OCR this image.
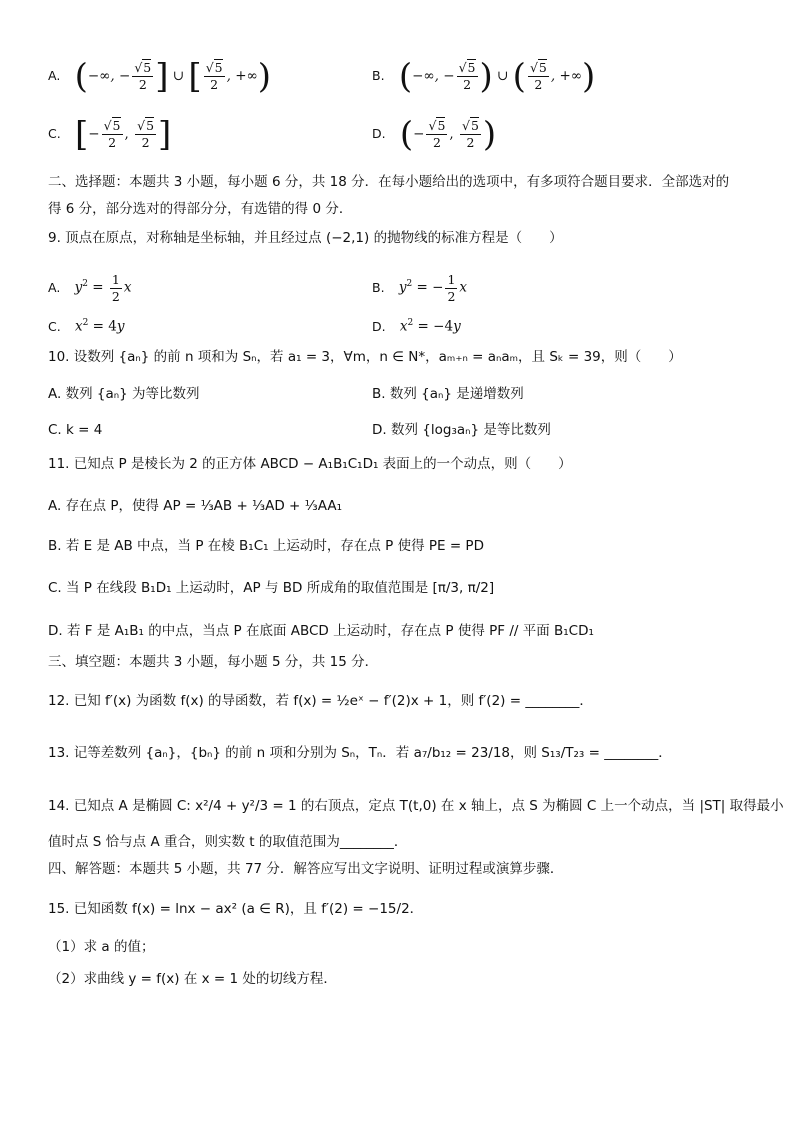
A. (−∞, − $\frac{√5}{2}$ ] ∪ [ $\frac{√5}{2}$ , +∞)	B. (−∞, − $\frac{√5}{2}$ ) ∪ ( $\frac{√5}{2}$ , +∞)
C. [− $\frac{√5}{2}$ , $\frac{√5}{2}$ ]	D. (− $\frac{√5}{2}$ , $\frac{√5}{2}$ )
二、选择题：本题共 3 小题，每小题 6 分，共 18 分．在每小题给出的选项中，有多项符合题目要求．全部选对的
得 6 分，部分选对的得部分分，有选错的得 0 分．
9. 顶点在原点，对称轴是坐标轴，并且经过点 (−2,1) 的抛物线的标准方程是（　　）
A. $y^2 = \frac{1}{2}$ x	B. $y^2$ = − $\frac{1}{2}$ x
C. $x^2 = 4y$	D. $x^2 = -4y$
10. 设数列 {aₙ} 的前 n 项和为 Sₙ，若 a₁ = 3，∀m，n ∈ N*，aₘ₊ₙ = aₙaₘ，且 Sₖ = 39，则（　　）
A. 数列 {aₙ} 为等比数列	B. 数列 {aₙ} 是递增数列
C. k = 4	D. 数列 {log₃aₙ} 是等比数列
11. 已知点 P 是棱长为 2 的正方体 ABCD − A₁B₁C₁D₁ 表面上的一个动点，则（　　）
A. 存在点 P，使得 AP = ⅓AB + ⅓AD + ⅓AA₁
B. 若 E 是 AB 中点，当 P 在棱 B₁C₁ 上运动时，存在点 P 使得 PE = PD
C. 当 P 在线段 B₁D₁ 上运动时，AP 与 BD 所成角的取值范围是 [π/3, π/2]
D. 若 F 是 A₁B₁ 的中点，当点 P 在底面 ABCD 上运动时，存在点 P 使得 PF // 平面 B₁CD₁
三、填空题：本题共 3 小题，每小题 5 分，共 15 分．
12. 已知 f′(x) 为函数 f(x) 的导函数，若 f(x) = ½eˣ − f′(2)x + 1，则 f′(2) = ________．
13. 记等差数列 {aₙ}，{bₙ} 的前 n 项和分别为 Sₙ，Tₙ．若 a₇/b₁₂ = 23/18，则 S₁₃/T₂₃ = ________．
14. 已知点 A 是椭圆 C: x²/4 + y²/3 = 1 的右顶点，定点 T(t,0) 在 x 轴上，点 S 为椭圆 C 上一个动点，当 |ST| 取得最小
值时点 S 恰与点 A 重合，则实数 t 的取值范围为________．
四、解答题：本题共 5 小题，共 77 分．解答应写出文字说明、证明过程或演算步骤．
15. 已知函数 f(x) = lnx − ax² (a ∈ R)，且 f′(2) = −15/2．
（1）求 a 的值；
（2）求曲线 y = f(x) 在 x = 1 处的切线方程．
